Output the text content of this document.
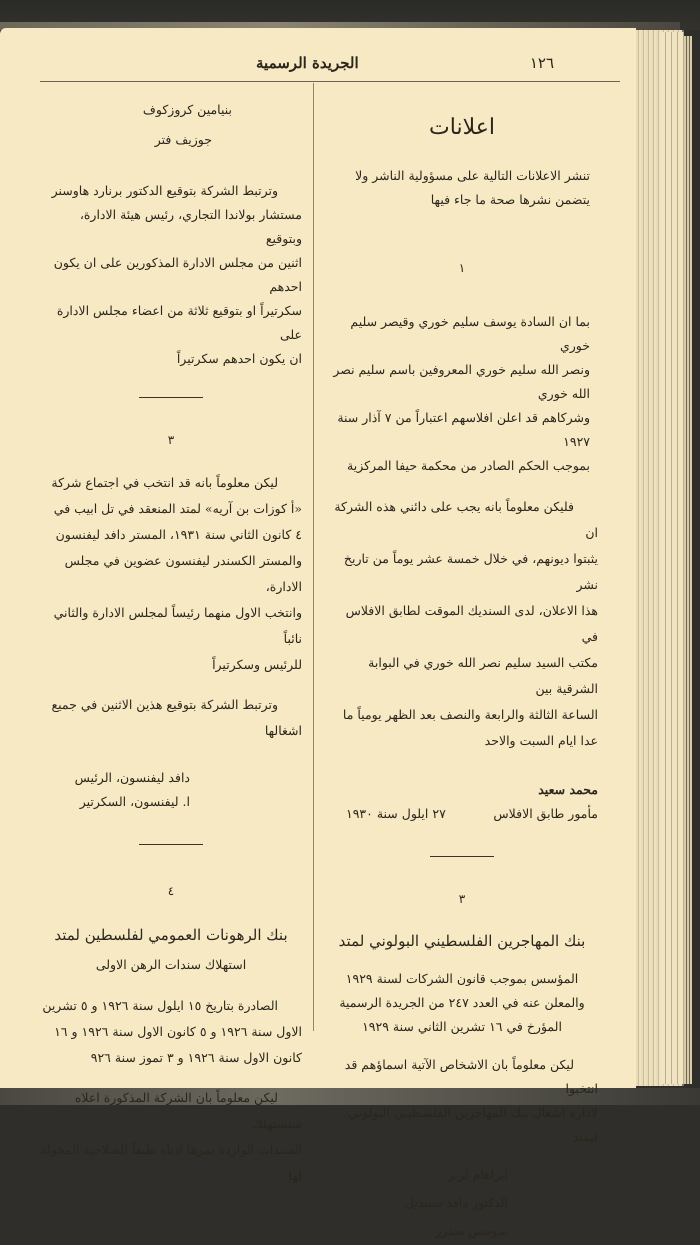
١٢٦
الجريدة الرسمية
اعلانات

تنشر الاعلانات التالية على مسؤولية الناشر ولا

يتضمن نشرها صحة ما جاء فيها

١

بما ان السادة يوسف سليم خوري وقيصر سليم خوري

ونصر الله سليم خوري المعروفين باسم سليم نصر الله خوري

وشركاهم قد اعلن افلاسهم اعتباراً من ٧ آذار سنة ١٩٢٧

بموجب الحكم الصادر من محكمة حيفا المركزية

فليكن معلوماً بانه يجب على دائني هذه الشركة ان

يثبتوا ديونهم، في خلال خمسة عشر يوماً من تاريخ نشر

هذا الاعلان، لدى السنديك الموقت لطابق الافلاس في

مكتب السيد سليم نصر الله خوري في البوابة الشرقية بين

الساعة الثالثة والرابعة والنصف بعد الظهر يومياً ما

عدا ايام السبت والاحد

محمد سعيد

مأمور طابق الافلاس
٢٧ ايلول سنة ١٩٣٠
٣
بنك المهاجرين الفلسطيني البولوني لمتد

المؤسس بموجب قانون الشركات لسنة ١٩٢٩

والمعلن عنه في العدد ٢٤٧ من الجريدة الرسمية

المؤرخ في ١٦ تشرين الثاني سنة ١٩٢٩

ليكن معلوماً بان الاشخاص الآتية اسماؤهم قد انتخبوا

لادارة اشغال بنك المهاجرين الفلسطيني البولوني ليمتد

ابراهام لرنر

الدكتور دافد سبنديل

سومس سدزر

بنيامين كروزكوف

جوزيف فتر

وترتبط الشركة بتوقيع الدكتور برنارد هاوسنر

مستشار بولاندا التجاري، رئيس هيئة الادارة، وبتوقيع

اثنين من مجلس الادارة المذكورين على ان يكون احدهم

سكرتيراً او بتوقيع ثلاثة من اعضاء مجلس الادارة على

ان يكون احدهم سكرتيراً

٣

ليكن معلوماً بانه قد انتخب في اجتماع شركة

«أ كوزات بن آريه» لمتد المنعقد في تل ابيب في

٤ كانون الثاني سنة ١٩٣١، المستر دافد ليفنسون

والمستر الكسندر ليفنسون عضوين في مجلس الادارة،

وانتخب الاول منهما رئيساً لمجلس الادارة والثاني نائباً

للرئيس وسكرتيراً

وترتبط الشركة بتوقيع هذين الاثنين في جميع

اشغالها

دافد ليفنسون، الرئيس

ا. ليفنسون، السكرتير

٤
بنك الرهونات العمومي لفلسطين لمتد
استهلاك سندات الرهن الاولى

الصادرة بتاريخ ١٥ ايلول سنة ١٩٢٦ و ٥ تشرين

الاول سنة ١٩٢٦ و ٥ كانون الاول سنة ١٩٢٦ و ١٦

كانون الاول سنة ١٩٢٦ و ٣ تموز سنة ٩٢٦

ليكن معلوماً بان الشركة المذكورة اعلاه ستستهلك

السندات الواردة نمرها ادناه طبقاً للصلاحية المخولة لها
